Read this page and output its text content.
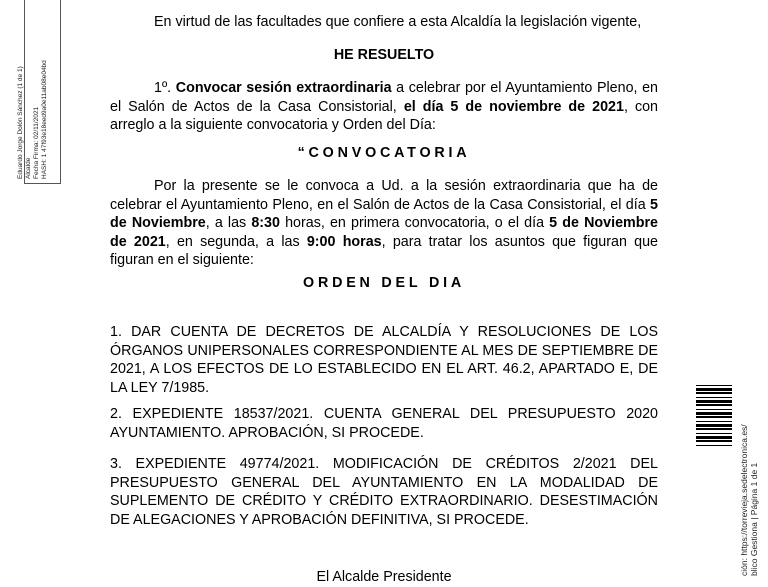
Eduardo Jorge Dolón Sánchez (1 de 1) Alcalde Fecha Firma: 02/11/2021 HASH: 1 47f93e18eed9a0e11ab08e04bd

En virtud de las facultades que confiere a esta Alcaldía la legislación vigente,

HE RESUELTO

1º. Convocar sesión extraordinaria a celebrar por el Ayuntamiento Pleno, en el Salón de Actos de la Casa Consistorial, el día 5 de noviembre de 2021, con arreglo a la siguiente convocatoria y Orden del Día:

“CONVOCATORIA

Por la presente se le convoca a Ud. a la sesión extraordinaria que ha de celebrar el Ayuntamiento Pleno, en el Salón de Actos de la Casa Consistorial, el día 5 de Noviembre, a las 8:30 horas, en primera convocatoria, o el día 5 de Noviembre de 2021, en segunda, a las 9:00 horas, para tratar los asuntos que figuran que figuran en el siguiente:

ORDEN DEL DIA

1. DAR CUENTA DE DECRETOS DE ALCALDÍA Y RESOLUCIONES DE LOS ÓRGANOS UNIPERSONALES CORRESPONDIENTE AL MES DE SEPTIEMBRE DE 2021, A LOS EFECTOS DE LO ESTABLECIDO EN EL ART. 46.2, APARTADO E, DE LA LEY 7/1985.

2. EXPEDIENTE 18537/2021. CUENTA GENERAL DEL PRESUPUESTO 2020 AYUNTAMIENTO. APROBACIÓN, SI PROCEDE.

3. EXPEDIENTE 49774/2021. MODIFICACIÓN DE CRÉDITOS 2/2021 DEL PRESUPUESTO GENERAL DEL AYUNTAMIENTO EN LA MODALIDAD DE SUPLEMENTO DE CRÉDITO Y CRÉDITO EXTRAORDINARIO. DESESTIMACIÓN DE ALEGACIONES Y APROBACIÓN DEFINITIVA, SI PROCEDE.

El Alcalde Presidente

ción: https://torrevieja.sedelectronica.es/ blico Gestiona | Página 1 de 1
